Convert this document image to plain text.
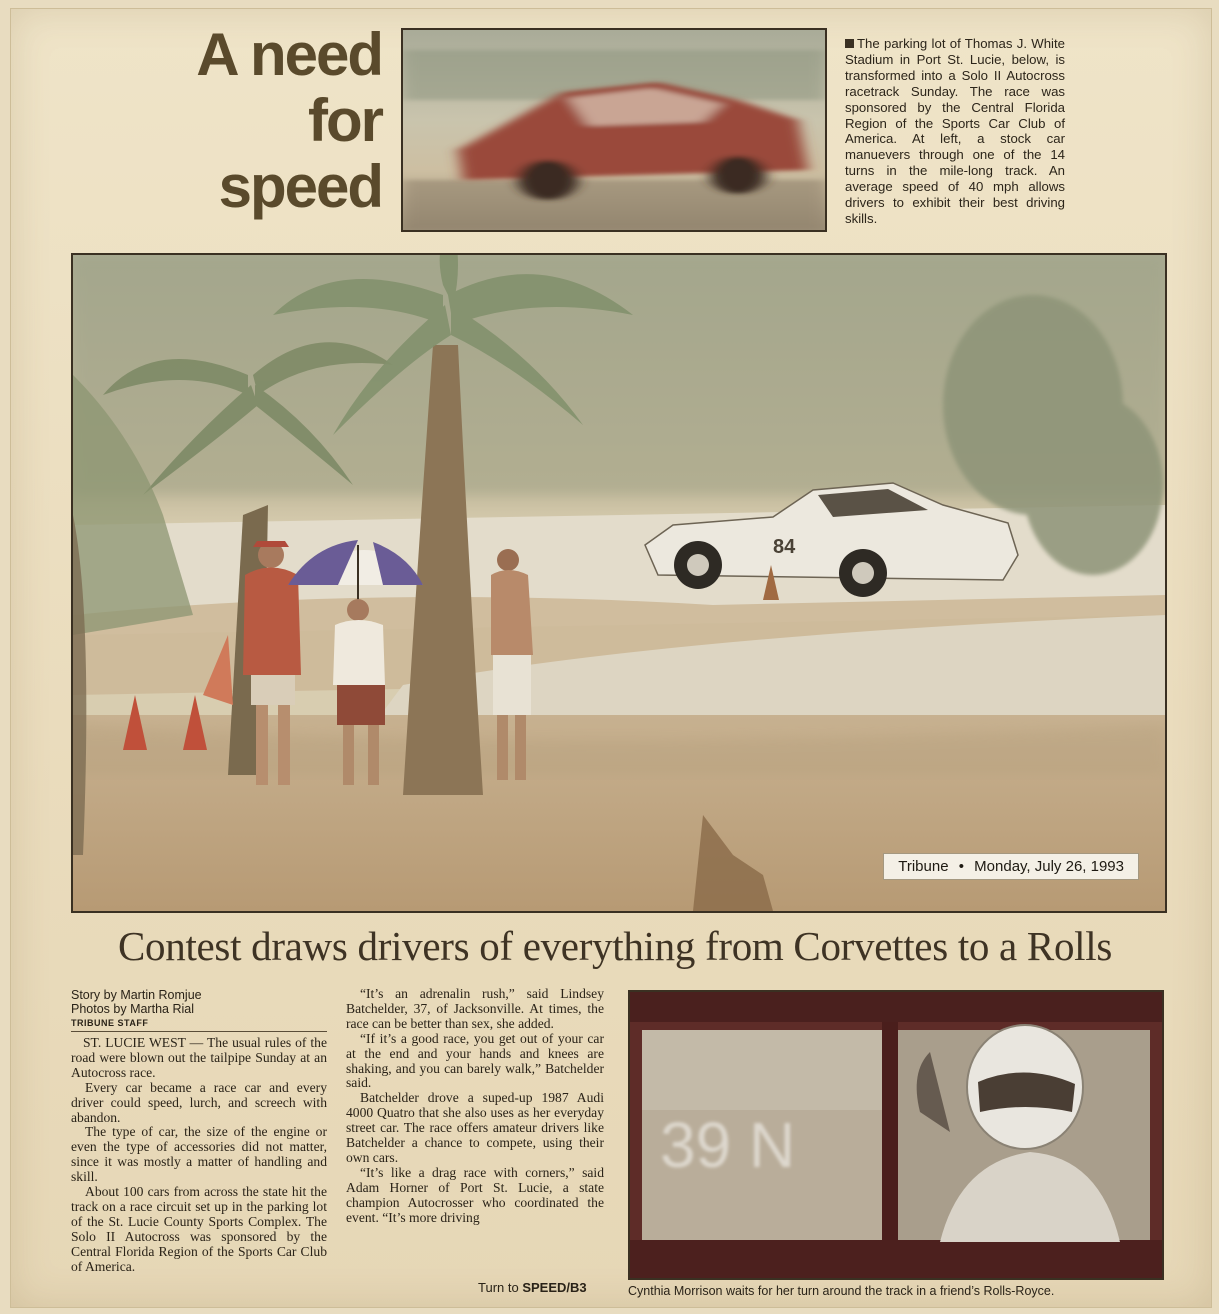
A need
for
speed
The parking lot of Thomas J. White Stadium in Port St. Lucie, below, is transformed into a Solo II Autocross racetrack Sunday. The race was sponsored by the Central Florida Region of the Sports Car Club of America. At left, a stock car manuevers through one of the 14 turns in the mile-long track. An average speed of 40 mph allows drivers to exhibit their best driving skills.
84
Tribune • Monday, July 26, 1993
Contest draws drivers of everything from Corvettes to a Rolls
Story by Martin Romjue
Photos by Martha Rial
TRIBUNE STAFF

ST. LUCIE WEST — The usual rules of the road were blown out the tailpipe Sunday at an Autocross race.

Every car became a race car and every driver could speed, lurch, and screech with abandon.

The type of car, the size of the engine or even the type of accessories did not matter, since it was mostly a matter of handling and skill.

About 100 cars from across the state hit the track on a race circuit set up in the parking lot of the St. Lucie County Sports Complex. The Solo II Autocross was sponsored by the Central Florida Region of the Sports Car Club of America.

“It’s an adrenalin rush,” said Lindsey Batchelder, 37, of Jacksonville. At times, the race can be better than sex, she added.

“If it’s a good race, you get out of your car at the end and your hands and knees are shaking, and you can barely walk,” Batchelder said.

Batchelder drove a suped-up 1987 Audi 4000 Quatro that she also uses as her everyday street car. The race offers amateur drivers like Batchelder a chance to compete, using their own cars.

“It’s like a drag race with corners,” said Adam Horner of Port St. Lucie, a state champion Autocrosser who coordinated the event. “It’s more driving

Turn to SPEED/B3
39 N
Cynthia Morrison waits for her turn around the track in a friend’s Rolls-Royce.
